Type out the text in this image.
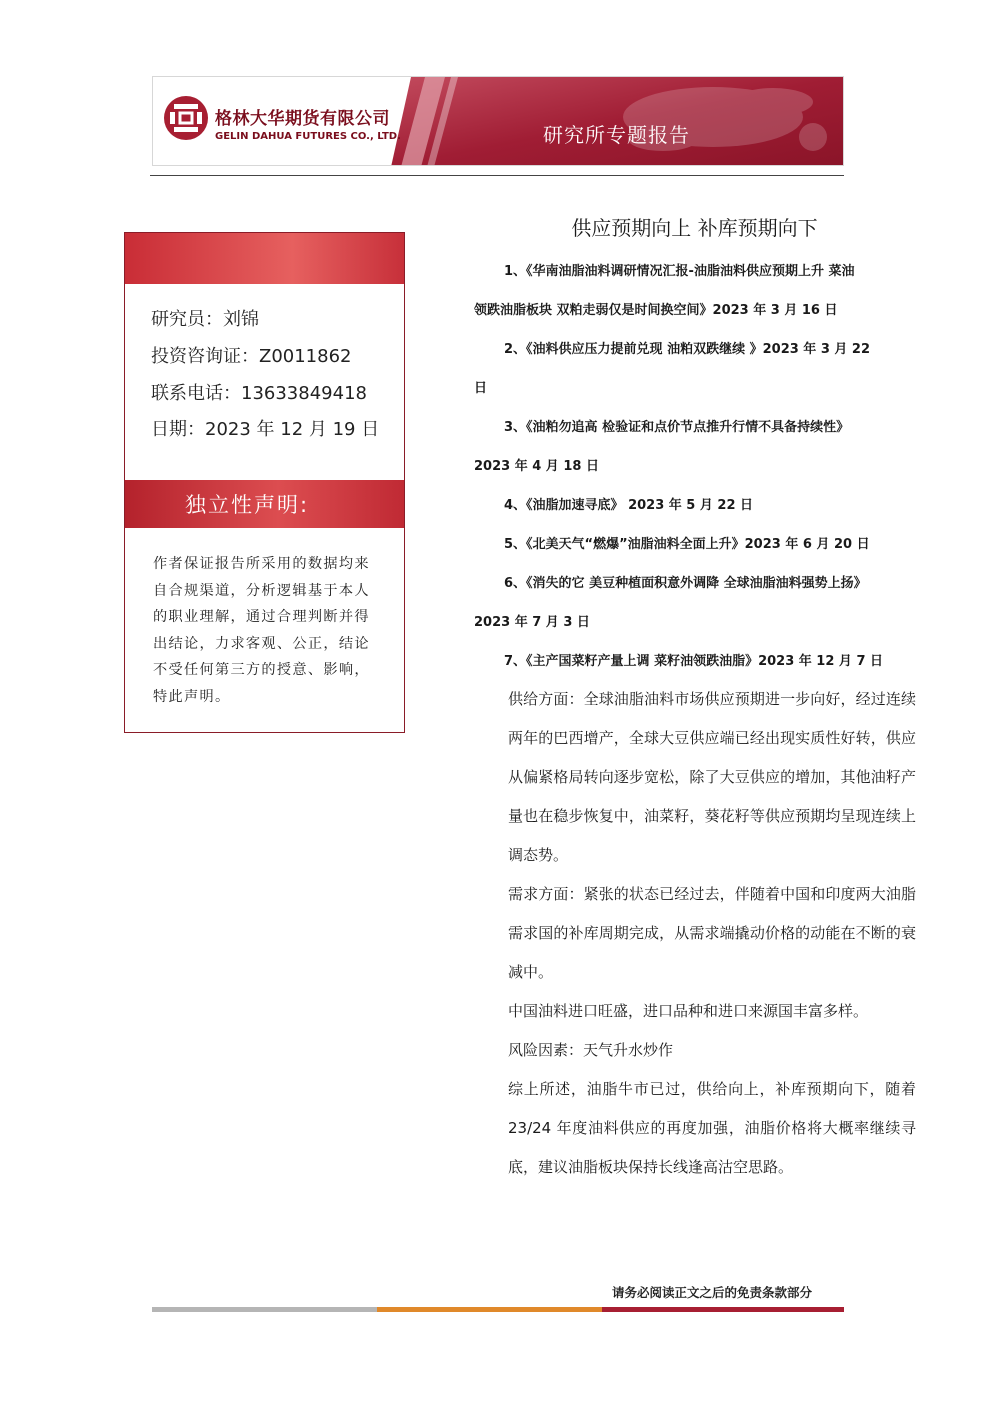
格林大华期货有限公司
GELIN DAHUA FUTURES CO., LTD.	研究所专题报告
研究员：刘锦
投资咨询证：Z0011862
联系电话：13633849418
日期：2023 年 12 月 19 日
独立性声明:
作者保证报告所采用的数据均来自合规渠道，分析逻辑基于本人的职业理解，通过合理判断并得出结论，力求客观、公正，结论不受任何第三方的授意、影响，特此声明。
供应预期向上 补库预期向下
1、《华南油脂油料调研情况汇报-油脂油料供应预期上升 菜油
领跌油脂板块 双粕走弱仅是时间换空间》2023 年 3 月 16 日
2、《油料供应压力提前兑现 油粕双跌继续 》2023 年 3 月 22
日
3、《油粕勿追高 检验证和点价节点推升行情不具备持续性》
2023 年 4 月 18 日
4、《油脂加速寻底》 2023 年 5 月 22 日
5、《北美天气“燃爆”油脂油料全面上升》2023 年 6 月 20 日
6、《消失的它 美豆种植面积意外调降 全球油脂油料强势上扬》
2023 年 7 月 3 日
7、《主产国菜籽产量上调 菜籽油领跌油脂》2023 年 12 月 7 日
供给方面：全球油脂油料市场供应预期进一步向好，经过连续两年的巴西增产，全球大豆供应端已经出现实质性好转，供应从偏紧格局转向逐步宽松，除了大豆供应的增加，其他油籽产量也在稳步恢复中，油菜籽，葵花籽等供应预期均呈现连续上调态势。
需求方面：紧张的状态已经过去，伴随着中国和印度两大油脂需求国的补库周期完成，从需求端撬动价格的动能在不断的衰减中。
中国油料进口旺盛，进口品种和进口来源国丰富多样。
风险因素：天气升水炒作
综上所述，油脂牛市已过，供给向上，补库预期向下，随着 23/24 年度油料供应的再度加强，油脂价格将大概率继续寻底，建议油脂板块保持长线逢高沽空思路。
请务必阅读正文之后的免责条款部分
